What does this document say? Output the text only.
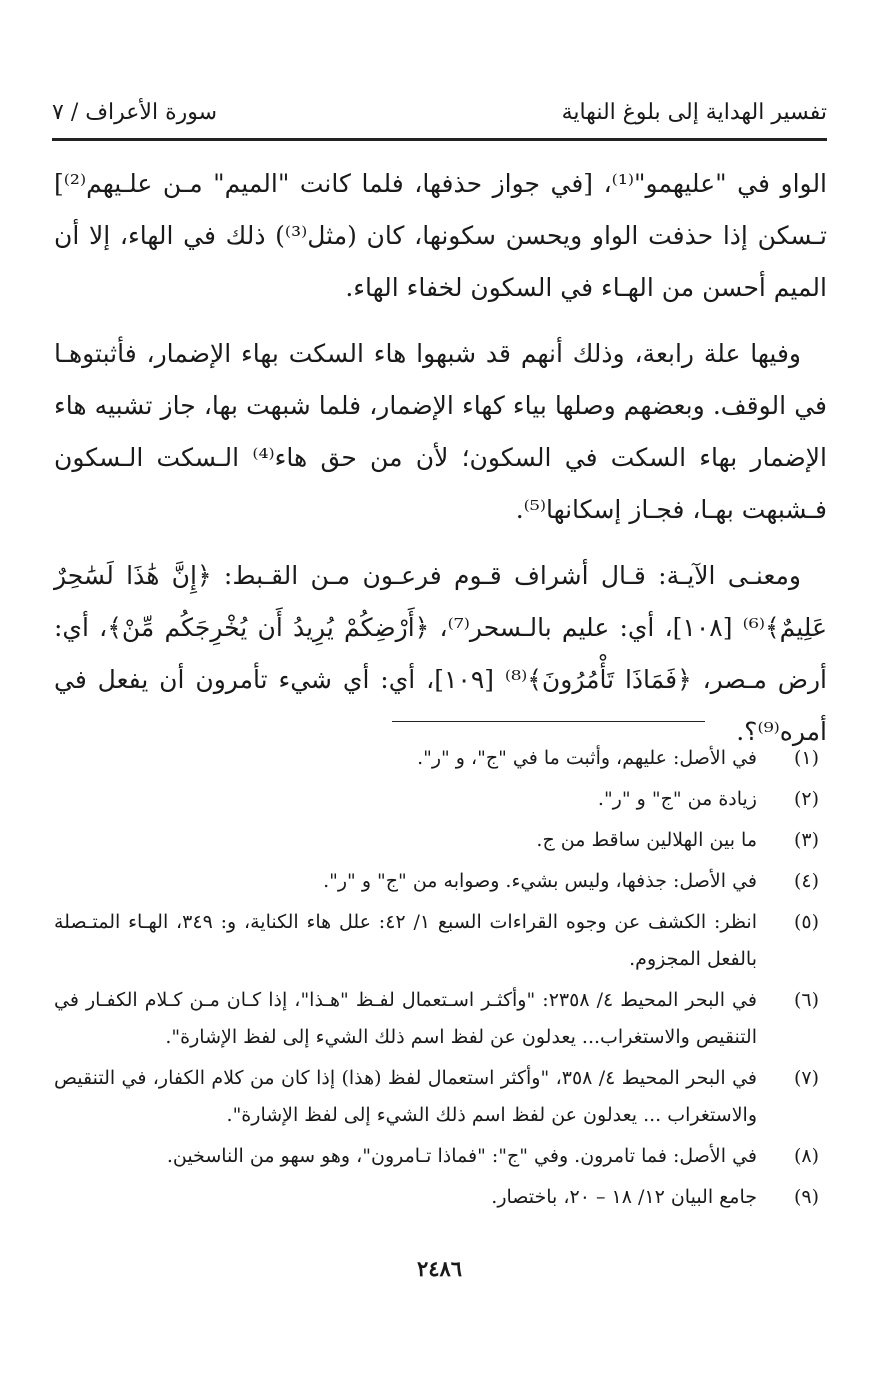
تفسير الهداية إلى بلوغ النهاية
سورة الأعراف / ٧

الواو في "عليهمو"⁽¹⁾، [في جواز حذفها، فلما كانت "الميم" مـن علـيهم⁽²⁾] تـسكن إذا حذفت الواو ويحسن سكونها، كان (مثل⁽³⁾) ذلك في الهاء، إلا أن الميم أحسن من الهـاء في السكون لخفاء الهاء.

وفيها علة رابعة، وذلك أنهم قد شبهوا هاء السكت بهاء الإضمار، فأثبتوهـا في الوقف. وبعضهم وصلها بياء كهاء الإضمار، فلما شبهت بها، جاز تشبيه هاء الإضمار بهاء السكت في السكون؛ لأن من حق هاء⁽⁴⁾ الـسكت الـسكون فـشبهت بهـا، فجـاز إسكانها⁽⁵⁾.

ومعنـى الآيـة: قـال أشراف قـوم فرعـون مـن القـبط: ﴿إِنَّ هَٰذَا لَسَٰحِرٌ عَلِيمٌ﴾⁽⁶⁾ [١٠٨]، أي: عليم بالـسحر⁽⁷⁾، ﴿أَرْضِكُمْ يُرِيدُ أَن يُخْرِجَكُم مِّنْ﴾، أي: أرض مـصر، ﴿فَمَاذَا تَأْمُرُونَ﴾⁽⁸⁾ [١٠٩]، أي: أي شيء تأمرون أن يفعل في أمره⁽⁹⁾؟.

(١)
في الأصل: عليهم، وأثبت ما في "ج"، و "ر".
(٢)
زيادة من "ج" و "ر".
(٣)
ما بين الهلالين ساقط من ج.
(٤)
في الأصل: جذفها، وليس بشيء. وصوابه من "ج" و "ر".
(٥)
انظر: الكشف عن وجوه القراءات السبع ١/ ٤٢: علل هاء الكناية، و: ٣٤٩، الهـاء المتـصلة بالفعل المجزوم.
(٦)
في البحر المحيط ٤/ ٢٣٥٨: "وأكثـر اسـتعمال لفـظ "هـذا"، إذا كـان مـن كـلام الكفـار في التنقيص والاستغراب... يعدلون عن لفظ اسم ذلك الشيء إلى لفظ الإشارة".
(٧)
في البحر المحيط ٤/ ٣٥٨، "وأكثر استعمال لفظ (هذا) إذا كان من كلام الكفار، في التنقيص والاستغراب ... يعدلون عن لفظ اسم ذلك الشيء إلى لفظ الإشارة".
(٨)
في الأصل: فما تامرون. وفي "ج": "فماذا تـامرون"، وهو سهو من الناسخين.
(٩)
جامع البيان ١٢/ ١٨ – ٢٠، باختصار.
٢٤٨٦
